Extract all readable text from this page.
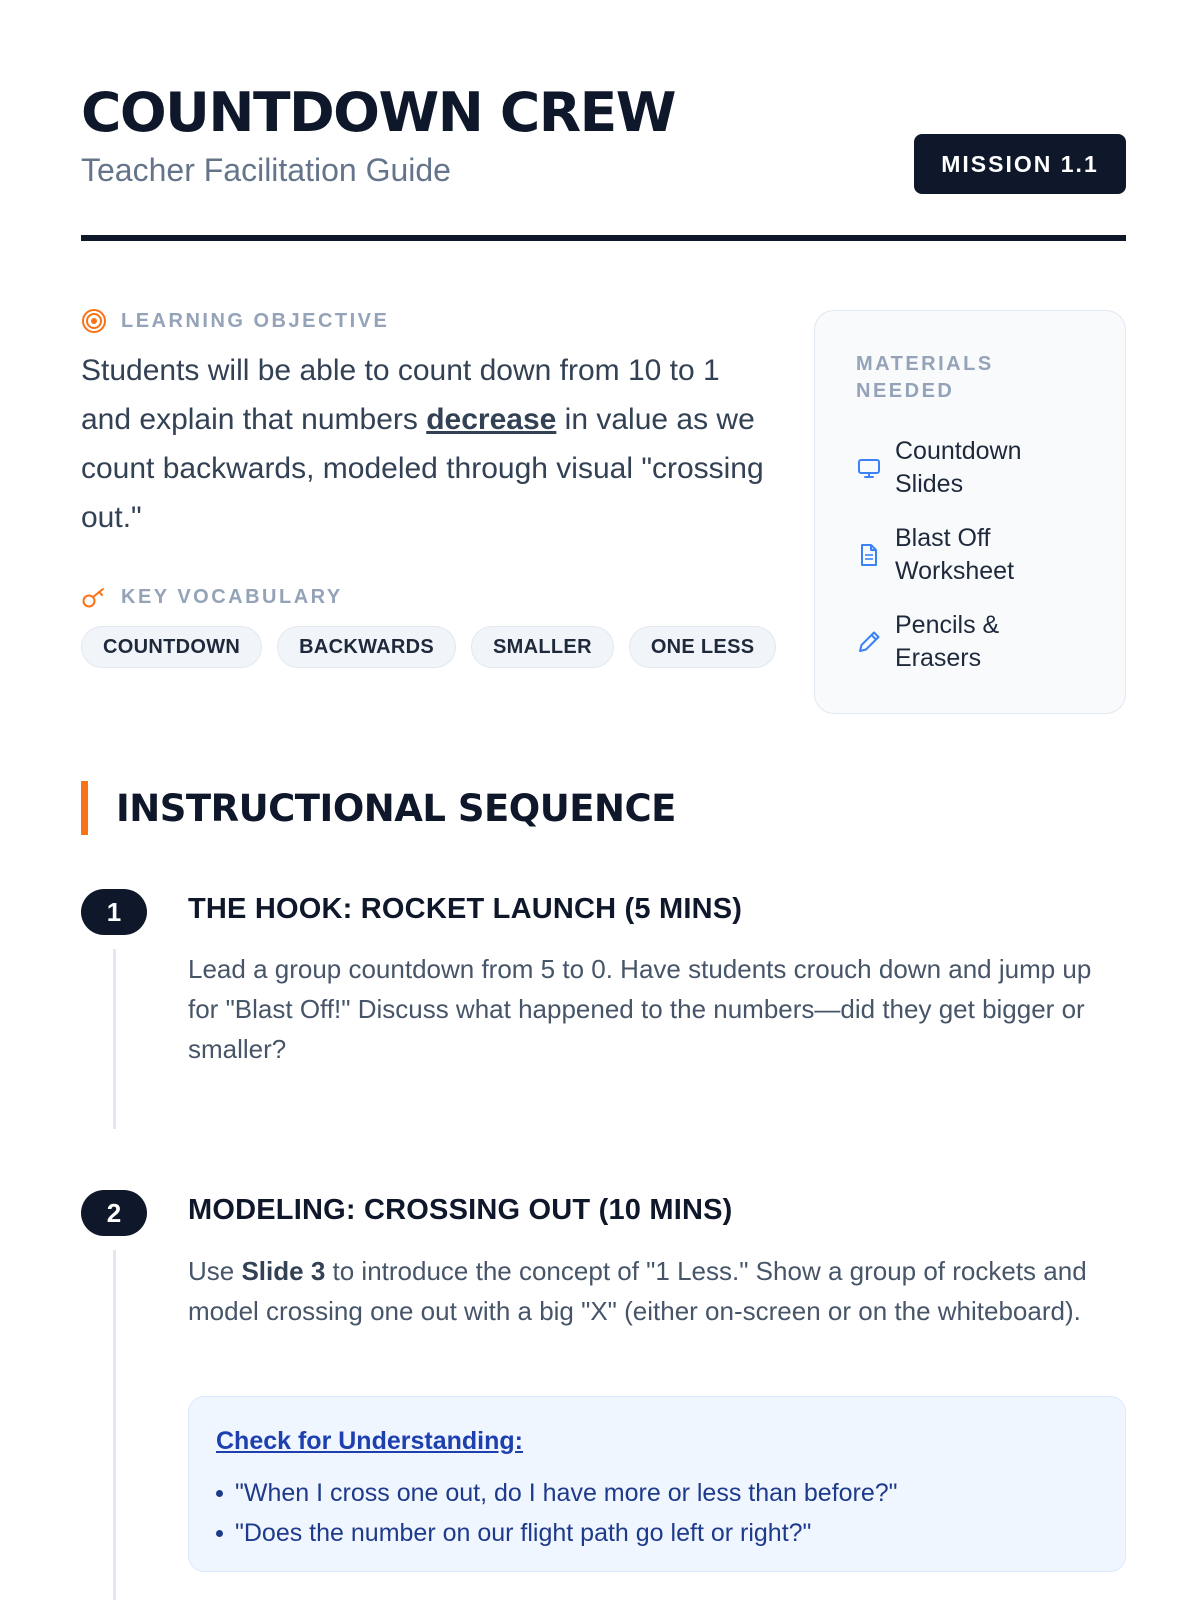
COUNTDOWN CREW
Teacher Facilitation Guide	MISSION 1.1
LEARNING OBJECTIVE
Students will be able to count down from 10 to 1 and explain that numbers decrease in value as we count backwards, modeled through visual "crossing out."
KEY VOCABULARY
COUNTDOWN	BACKWARDS	SMALLER	ONE LESS
MATERIALS NEEDED
Countdown Slides
Blast Off Worksheet
Pencils & Erasers
INSTRUCTIONAL SEQUENCE
1	THE HOOK: ROCKET LAUNCH (5 MINS)
Lead a group countdown from 5 to 0. Have students crouch down and jump up for "Blast Off!" Discuss what happened to the numbers—did they get bigger or smaller?
2	MODELING: CROSSING OUT (10 MINS)
Use Slide 3 to introduce the concept of "1 Less." Show a group of rockets and model crossing one out with a big "X" (either on-screen or on the whiteboard).
Check for Understanding:
"When I cross one out, do I have more or less than before?"
"Does the number on our flight path go left or right?"
